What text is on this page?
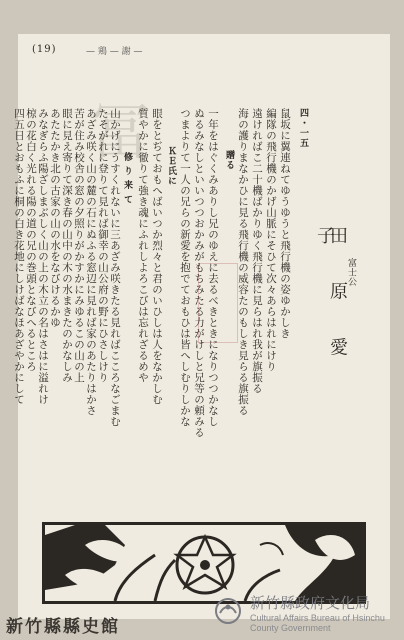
(19)	— 鶏 — 謝 —
冨
田 原 愛 子
富士公
四・一五
鼠坂に翼連ねてゆうゆうと飛行機の姿ゆかしき
編隊の飛行機のかげ山脈にそひて次々あらはれにけり
遠ければこ二十機ばかりゆく飛行機に見らはれ我が旗振る
海の護りまなかひに見る飛行機の威容たのもしき見らる旗振る
贈る
一年をはぐくみありし兄のゆえに去るべきときになりつつかなし
ぬるみなしといいつつおかみがもちみたる力がけしと兄等の頼みる
つまよりて一人の兄らの新愛を抱でておもひは皆へしむりしかな
ＫＥ氏に
眼をとぢておもへばいつか烈々と君のいひしは人をなかしむ
質やかに徹りて強き魂にふれしよろこびは忘れざるめや
修 り 来 て
山かげにうすくれないに三あざみ咲きたる見ればこころなごまむ
たそがれに登りて見れば御幸の山公府の野にひさしけり
あざみ咲く山の麓の石にぬふる窓辺に見れば家のあたりはかさ
苦が住み校舎の窓の夕照りがかすかにみゆるこの山の上
眼に見え寄りて深き春の山中の木の水まきたのかなしみ
あたたかき北の古家の山の水をなびけるかゆ
みなぎらふ陽ざしまぶしく山の上の木立の名はさはに溢れけ
椋の花白く光れる陽の道の兄の巻頭となびへるところ
四五日とおもふに桐の白き花地にしけばなほあざやかにして
新竹縣縣史館
新竹縣政府文化局
Cultural Affairs Bureau of Hsinchu
County Government
